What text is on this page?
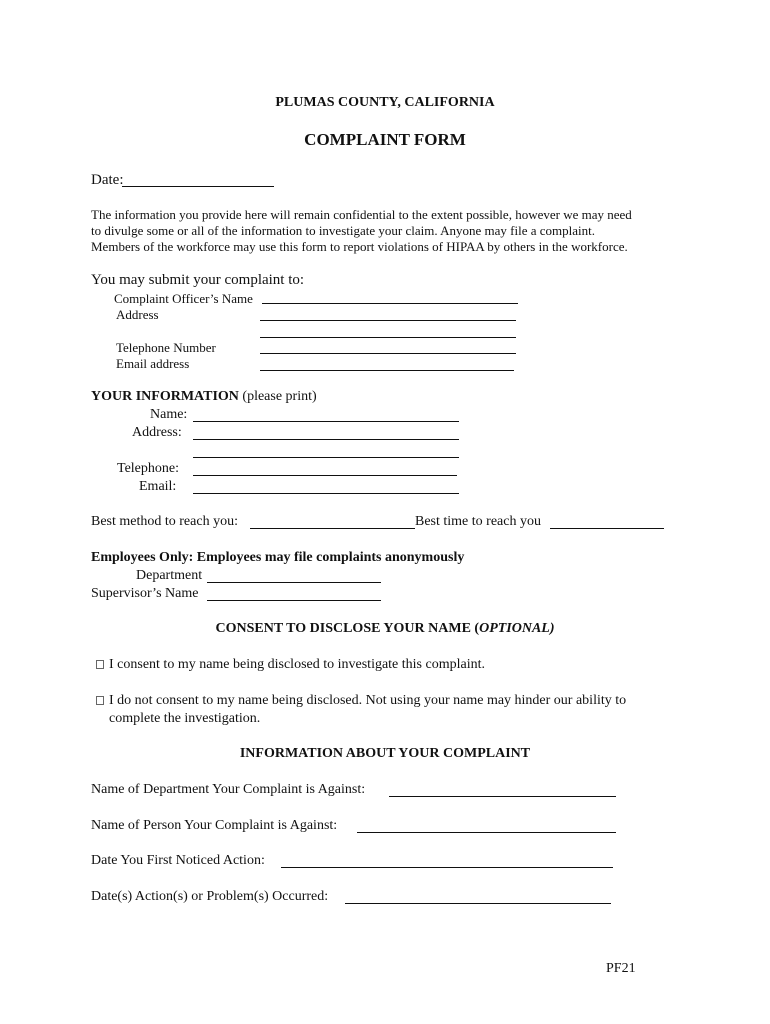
PLUMAS COUNTY, CALIFORNIA
COMPLAINT FORM
Date:
The information you provide here will remain confidential to the extent possible, however we may need
to divulge some or all of the information to investigate your claim. Anyone may file a complaint.
Members of the workforce may use this form to report violations of HIPAA by others in the workforce.
You may submit your complaint to:
Complaint Officer’s Name
Address
Telephone Number
Email address
YOUR INFORMATION (please print)
Name:
Address:
Telephone:
Email:
Best method to reach you:	Best time to reach you
Employees Only: Employees may file complaints anonymously
Department
Supervisor’s Name
CONSENT TO DISCLOSE YOUR NAME (OPTIONAL)
I consent to my name being disclosed to investigate this complaint.
I do not consent to my name being disclosed. Not using your name may hinder our ability to
complete the investigation.
INFORMATION ABOUT YOUR COMPLAINT
Name of Department Your Complaint is Against:
Name of Person Your Complaint is Against:
Date You First Noticed Action:
Date(s) Action(s) or Problem(s) Occurred:
PF21
